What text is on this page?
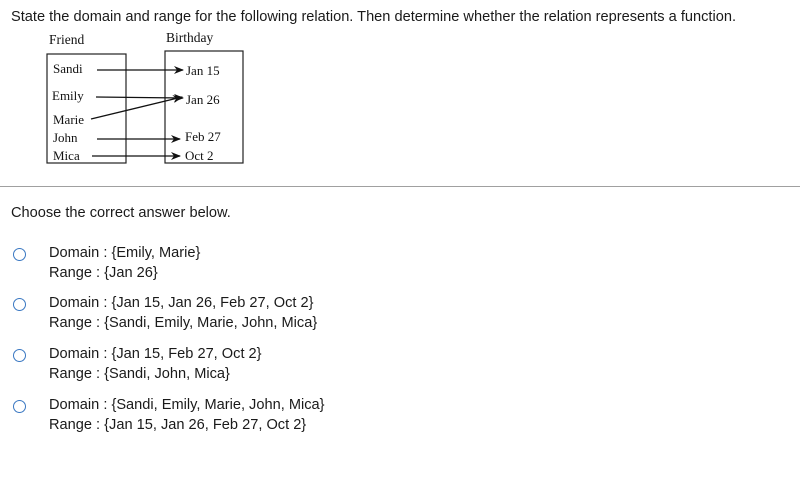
State the domain and range for the following relation. Then determine whether the relation represents a function.
Friend	Birthday
Sandi
Emily
Marie
John
Mica
Jan 15
Jan 26
Feb 27
Oct 2
Choose the correct answer below.
Domain : {Emily, Marie}
Range : {Jan 26}
Domain : {Jan 15, Jan 26, Feb 27, Oct 2}
Range : {Sandi, Emily, Marie, John, Mica}
Domain : {Jan 15, Feb 27, Oct 2}
Range : {Sandi, John, Mica}
Domain : {Sandi, Emily, Marie, John, Mica}
Range : {Jan 15, Jan 26, Feb 27, Oct 2}
